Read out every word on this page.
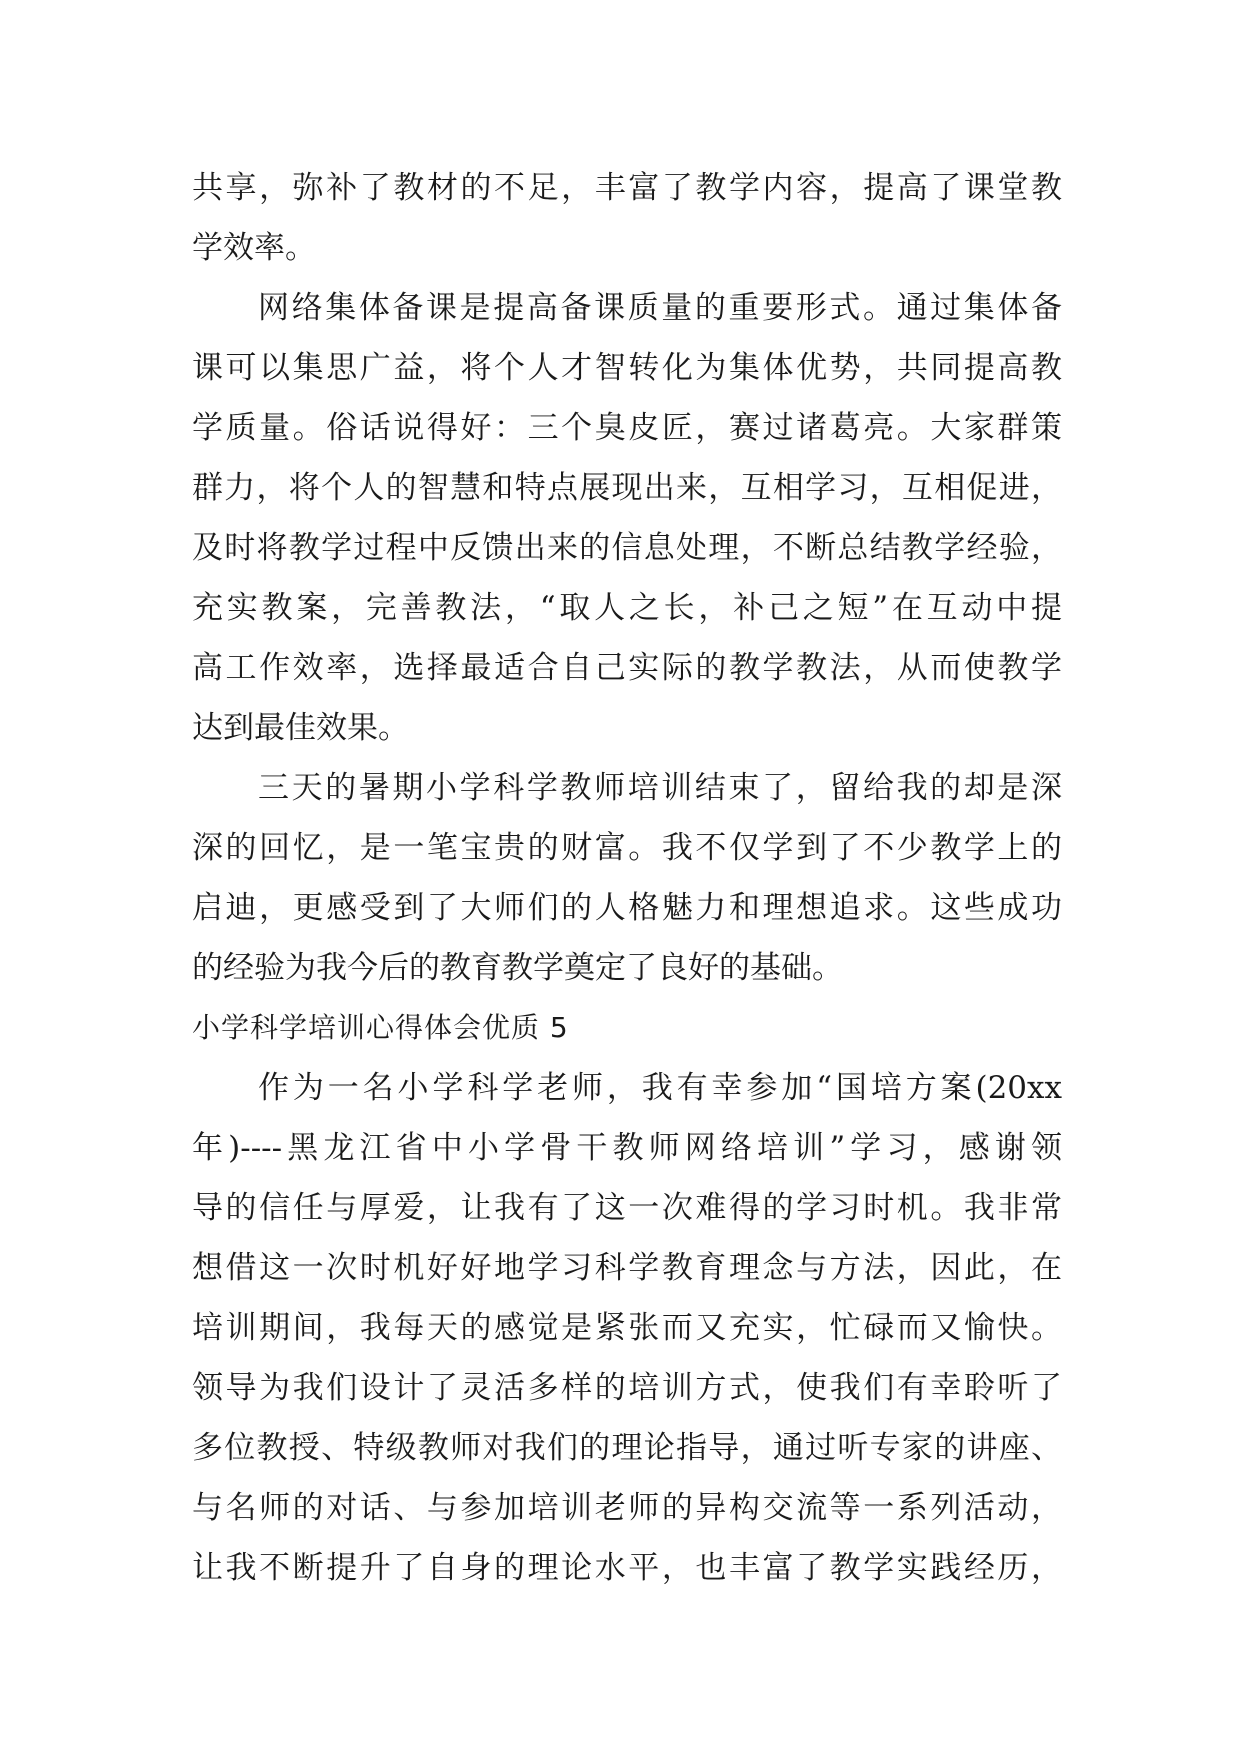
共享，弥补了教材的不足，丰富了教学内容，提高了课堂教
学效率。
网络集体备课是提高备课质量的重要形式。通过集体备
课可以集思广益，将个人才智转化为集体优势，共同提高教
学质量。俗话说得好：三个臭皮匠，赛过诸葛亮。大家群策
群力，将个人的智慧和特点展现出来，互相学习，互相促进，
及时将教学过程中反馈出来的信息处理，不断总结教学经验，
充实教案，完善教法，“取人之长，补己之短”在互动中提
高工作效率，选择最适合自己实际的教学教法，从而使教学
达到最佳效果。
三天的暑期小学科学教师培训结束了，留给我的却是深
深的回忆，是一笔宝贵的财富。我不仅学到了不少教学上的
启迪，更感受到了大师们的人格魅力和理想追求。这些成功
的经验为我今后的教育教学奠定了良好的基础。
小学科学培训心得体会优质 5
作为一名小学科学老师，我有幸参加“国培方案(20xx
年)----黑龙江省中小学骨干教师网络培训”学习，感谢领
导的信任与厚爱，让我有了这一次难得的学习时机。我非常
想借这一次时机好好地学习科学教育理念与方法，因此，在
培训期间，我每天的感觉是紧张而又充实，忙碌而又愉快。
领导为我们设计了灵活多样的培训方式，使我们有幸聆听了
多位教授、特级教师对我们的理论指导，通过听专家的讲座、
与名师的对话、与参加培训老师的异构交流等一系列活动，
让我不断提升了自身的理论水平，也丰富了教学实践经历，
